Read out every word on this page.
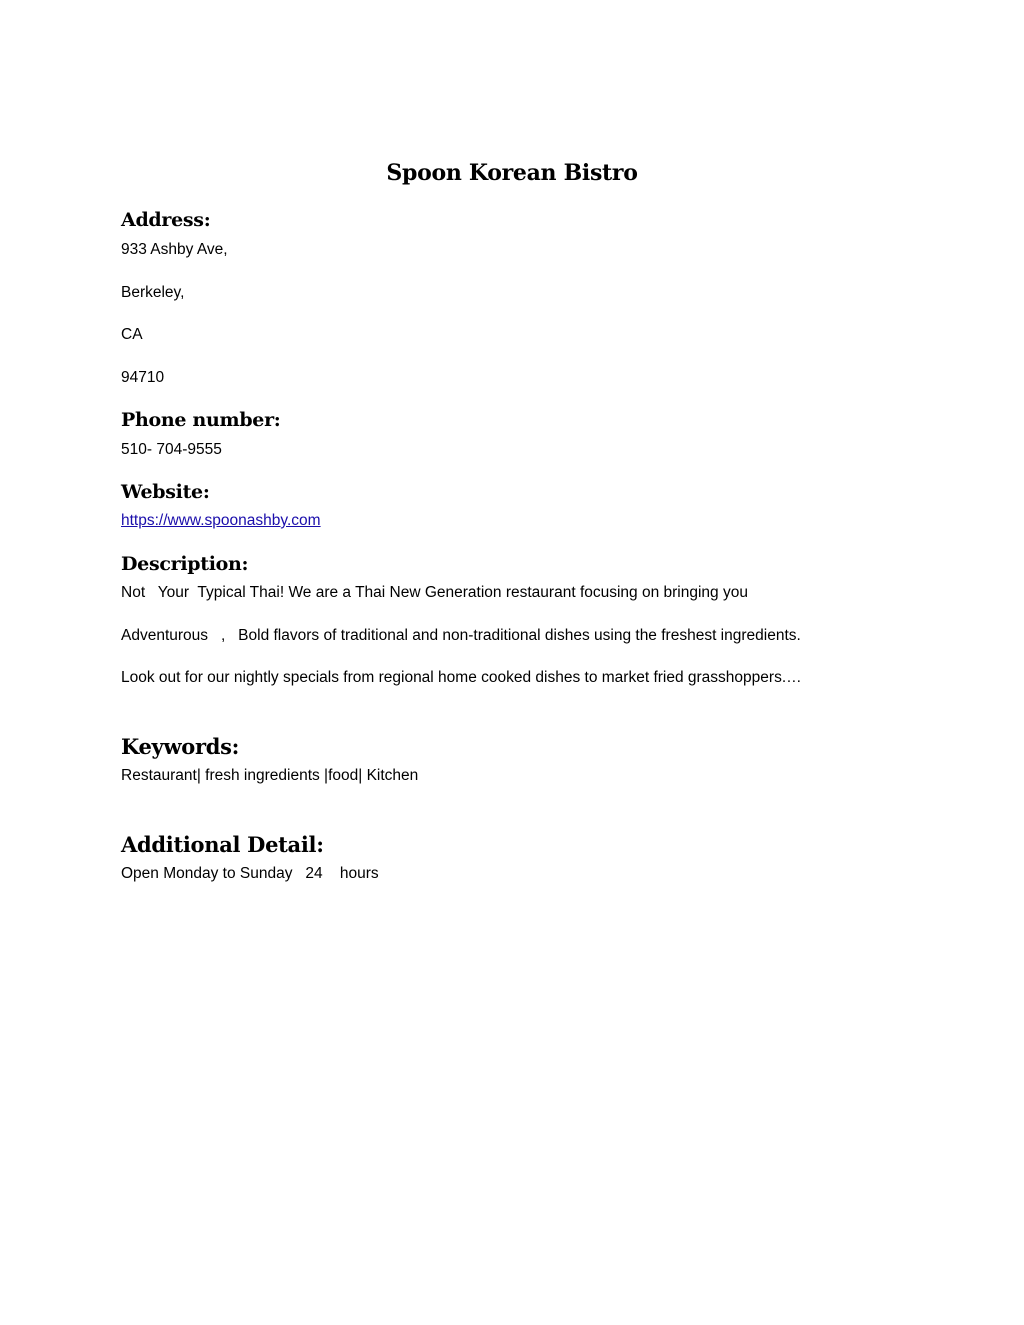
Spoon Korean Bistro
Address:
933 Ashby Ave,
Berkeley,
CA
94710
Phone number:
510- 704-9555
Website:
https://www.spoonashby.com
Description:
Not   Your  Typical Thai! We are a Thai New Generation restaurant focusing on bringing you
Adventurous   ,   Bold flavors of traditional and non-traditional dishes using the freshest ingredients.
Look out for our nightly specials from regional home cooked dishes to market fried grasshoppers.…
Keywords:
Restaurant| fresh ingredients |food| Kitchen
Additional Detail:
Open Monday to Sunday   24    hours
